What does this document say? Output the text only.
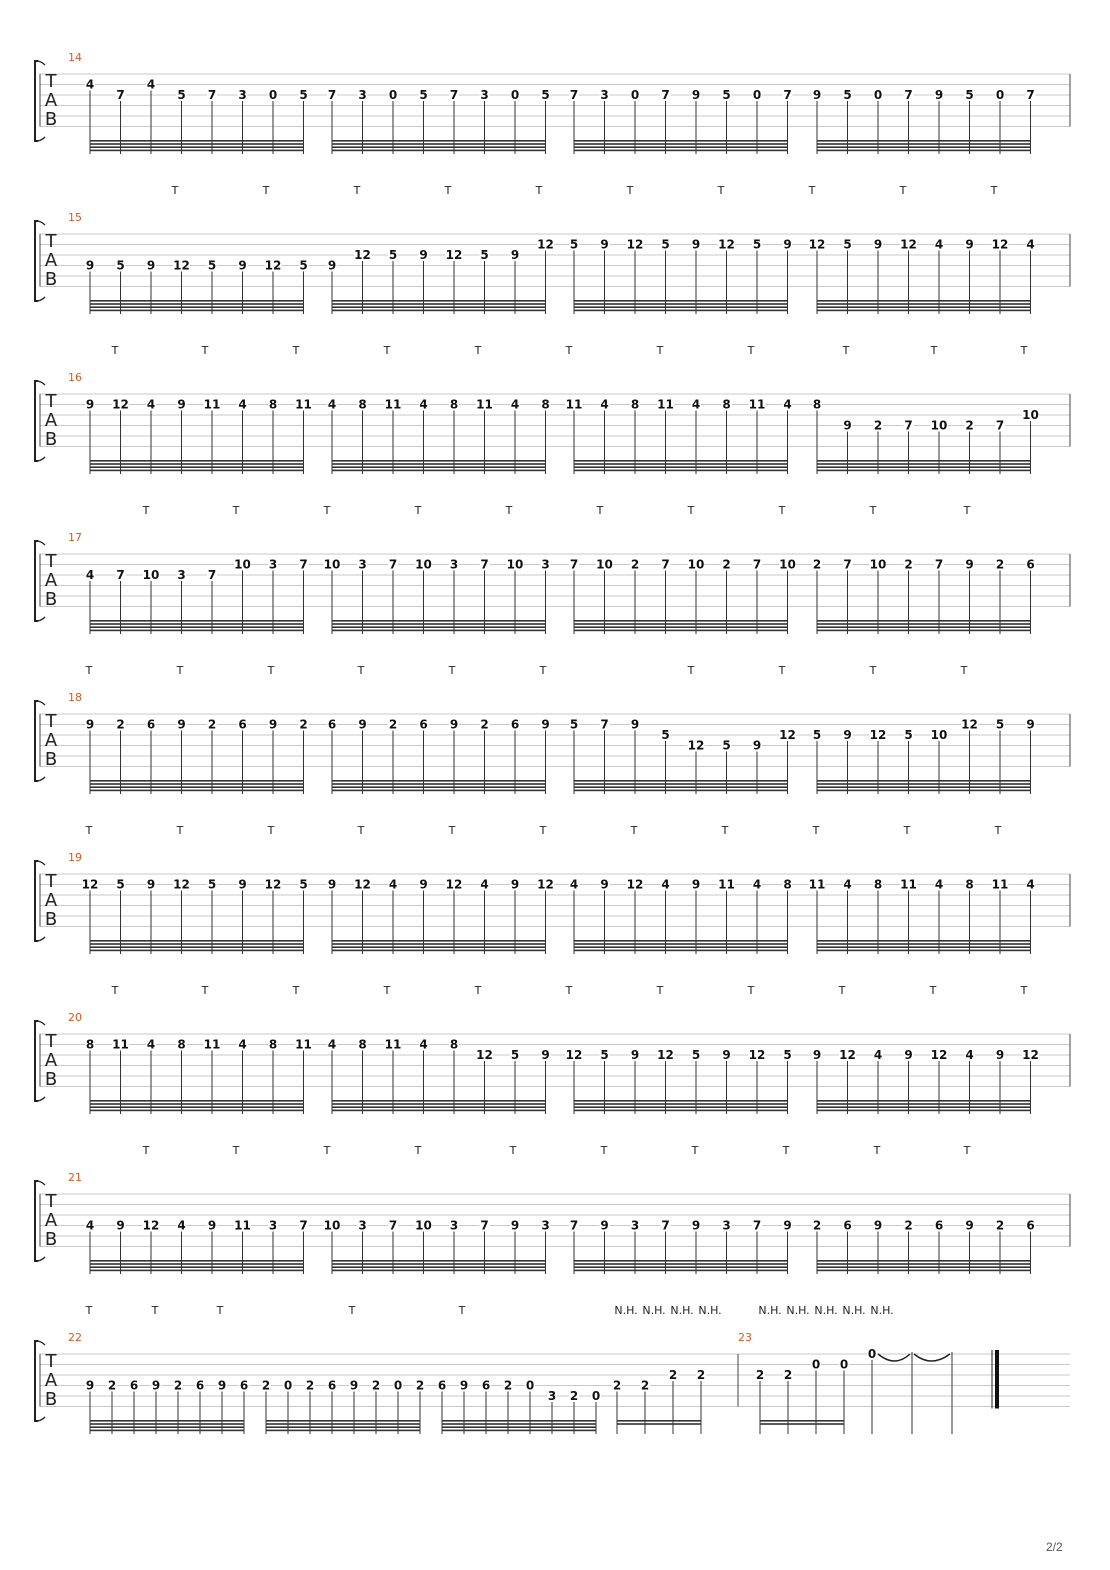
T
A
B
14
4
7
4
5 7 3 0 5 7 3 0 5 7 3 0 5 7 3 0 7 9 5 0 7 9 5 0 7 9 5 0 7
T	T	T	T	T	T	T	T	T	T
T
A
B
15
9 5 9 12 5 9 12 5 9
12 5 9 12 5 9
12 5 9 12 5 9 12 5 9 12 5 9 12 4 9 12 4
T	T	T	T	T	T	T	T	T	T	T
T
A
B
16
9 12 4 9 11 4 8 11 4 8 11 4 8 11 4 8 11 4 8 11 4 8 11 4 8
9 2 7 10 2 7
10
T	T	T	T	T	T	T	T	T	T
T
A
B
17
4 7 10 3 7
10 3 7 10 3 7 10 3 7 10 3 7 10 2 7 10 2 7 10 2 7 10 2 7 9 2 6
T	T	T	T	T	T	T	T	T	T
T
A
B
18
9 2 6 9 2 6 9 2 6 9 2 6 9 2 6 9 5 7 9
5
12 5 9
12 5 9 12 5 10
12 5 9
T	T	T	T	T	T	T	T	T	T	T
T
A
B
19
12 5 9 12 5 9 12 5 9 12 4 9 12 4 9 12 4 9 12 4 9 11 4 8 11 4 8 11 4 8 11 4
T	T	T	T	T	T	T	T	T	T	T
T
A
B
20
8 11 4 8 11 4 8 11 4 8 11 4 8
12 5 9 12 5 9 12 5 9 12 5 9 12 4 9 12 4 9 12
T	T	T	T	T	T	T	T	T	T
T
A
B
21
4 9 12 4 9 11 3 7 10 3 7 10 3 7 9 3 7 9 3 7 9 3 7 9 2 6 9 2 6 9 2 6
T	T	T	T	T	N.H. N.H. N.H. N.H.	N.H. N.H. N.H. N.H. N.H.
T
A
B
22
9 2 6 9 2 6 9 6 2 0 2 6 9 2 0 2 6 9 6 2 0
3 2 0
2 2
2 2
23
2 2
0 0
0
2/2
